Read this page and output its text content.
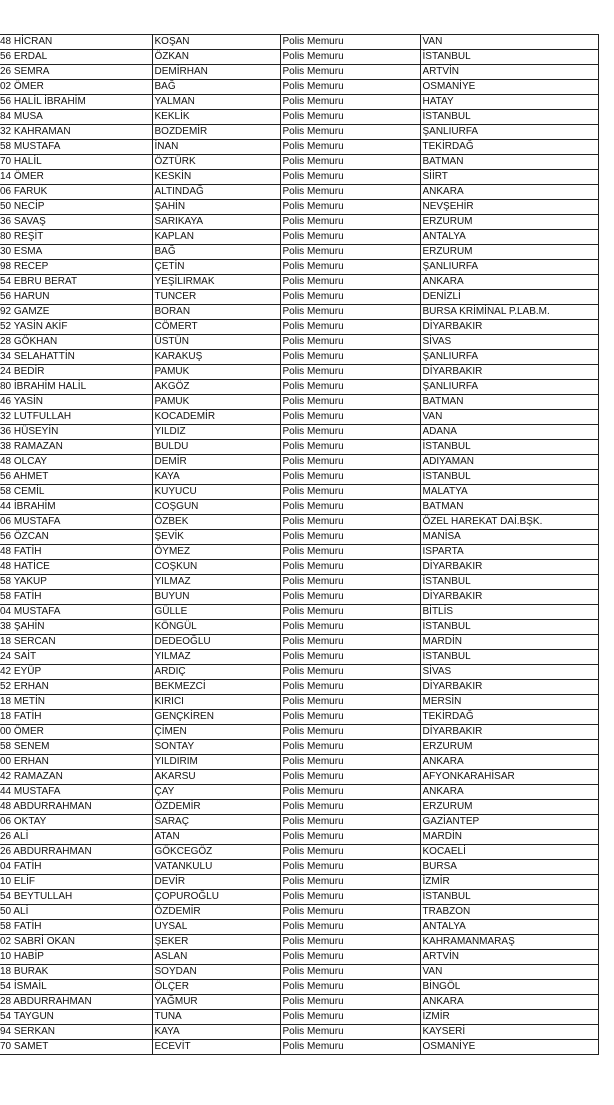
48 HİCRAN	KOŞAN	Polis Memuru	VAN
56 ERDAL	ÖZKAN	Polis Memuru	İSTANBUL
26 SEMRA	DEMİRHAN	Polis Memuru	ARTVİN
02 ÖMER	BAĞ	Polis Memuru	OSMANİYE
56 HALİL İBRAHİM	YALMAN	Polis Memuru	HATAY
84 MUSA	KEKLİK	Polis Memuru	İSTANBUL
32 KAHRAMAN	BOZDEMİR	Polis Memuru	ŞANLIURFA
58 MUSTAFA	İNAN	Polis Memuru	TEKİRDAĞ
70 HALİL	ÖZTÜRK	Polis Memuru	BATMAN
14 ÖMER	KESKİN	Polis Memuru	SİİRT
06 FARUK	ALTINDAĞ	Polis Memuru	ANKARA
50 NECİP	ŞAHİN	Polis Memuru	NEVŞEHİR
36 SAVAŞ	SARIKAYA	Polis Memuru	ERZURUM
80 REŞİT	KAPLAN	Polis Memuru	ANTALYA
30 ESMA	BAĞ	Polis Memuru	ERZURUM
98 RECEP	ÇETİN	Polis Memuru	ŞANLIURFA
54 EBRU BERAT	YEŞİLIRMAK	Polis Memuru	ANKARA
56 HARUN	TUNCER	Polis Memuru	DENİZLİ
92 GAMZE	BORAN	Polis Memuru	BURSA KRİMİNAL P.LAB.M.
52 YASİN AKİF	CÖMERT	Polis Memuru	DİYARBAKIR
28 GÖKHAN	ÜSTÜN	Polis Memuru	SİVAS
34 SELAHATTİN	KARAKUŞ	Polis Memuru	ŞANLIURFA
24 BEDİR	PAMUK	Polis Memuru	DİYARBAKIR
80 İBRAHİM HALİL	AKGÖZ	Polis Memuru	ŞANLIURFA
46 YASİN	PAMUK	Polis Memuru	BATMAN
32 LUTFULLAH	KOCADEMİR	Polis Memuru	VAN
36 HÜSEYİN	YILDIZ	Polis Memuru	ADANA
38 RAMAZAN	BULDU	Polis Memuru	İSTANBUL
48 OLCAY	DEMİR	Polis Memuru	ADIYAMAN
56 AHMET	KAYA	Polis Memuru	İSTANBUL
58 CEMİL	KUYUCU	Polis Memuru	MALATYA
44 İBRAHİM	COŞGUN	Polis Memuru	BATMAN
06 MUSTAFA	ÖZBEK	Polis Memuru	ÖZEL HAREKAT DAİ.BŞK.
56 ÖZCAN	ŞEVİK	Polis Memuru	MANİSA
48 FATİH	ÖYMEZ	Polis Memuru	ISPARTA
48 HATİCE	COŞKUN	Polis Memuru	DİYARBAKIR
58 YAKUP	YILMAZ	Polis Memuru	İSTANBUL
58 FATİH	BUYUN	Polis Memuru	DİYARBAKIR
04 MUSTAFA	GÜLLE	Polis Memuru	BİTLİS
38 ŞAHİN	KÖNGÜL	Polis Memuru	İSTANBUL
18 SERCAN	DEDEOĞLU	Polis Memuru	MARDİN
24 SAİT	YILMAZ	Polis Memuru	İSTANBUL
42 EYÜP	ARDIÇ	Polis Memuru	SİVAS
52 ERHAN	BEKMEZCİ	Polis Memuru	DİYARBAKIR
18 METİN	KIRICI	Polis Memuru	MERSİN
18 FATİH	GENÇKİREN	Polis Memuru	TEKİRDAĞ
00 ÖMER	ÇİMEN	Polis Memuru	DİYARBAKIR
58 SENEM	SONTAY	Polis Memuru	ERZURUM
00 ERHAN	YILDIRIM	Polis Memuru	ANKARA
42 RAMAZAN	AKARSU	Polis Memuru	AFYONKARAHİSAR
44 MUSTAFA	ÇAY	Polis Memuru	ANKARA
48 ABDURRAHMAN	ÖZDEMİR	Polis Memuru	ERZURUM
06 OKTAY	SARAÇ	Polis Memuru	GAZİANTEP
26 ALİ	ATAN	Polis Memuru	MARDİN
26 ABDURRAHMAN	GÖKCEGÖZ	Polis Memuru	KOCAELİ
04 FATİH	VATANKULU	Polis Memuru	BURSA
10 ELİF	DEVİR	Polis Memuru	İZMİR
54 BEYTULLAH	ÇOPUROĞLU	Polis Memuru	İSTANBUL
50 ALİ	ÖZDEMİR	Polis Memuru	TRABZON
58 FATİH	UYSAL	Polis Memuru	ANTALYA
02 SABRİ OKAN	ŞEKER	Polis Memuru	KAHRAMANMARAŞ
10 HABİP	ASLAN	Polis Memuru	ARTVİN
18 BURAK	SOYDAN	Polis Memuru	VAN
54 İSMAİL	ÖLÇER	Polis Memuru	BİNGÖL
28 ABDURRAHMAN	YAĞMUR	Polis Memuru	ANKARA
54 TAYGUN	TUNA	Polis Memuru	İZMİR
94 SERKAN	KAYA	Polis Memuru	KAYSERİ
70 SAMET	ECEVİT	Polis Memuru	OSMANİYE
